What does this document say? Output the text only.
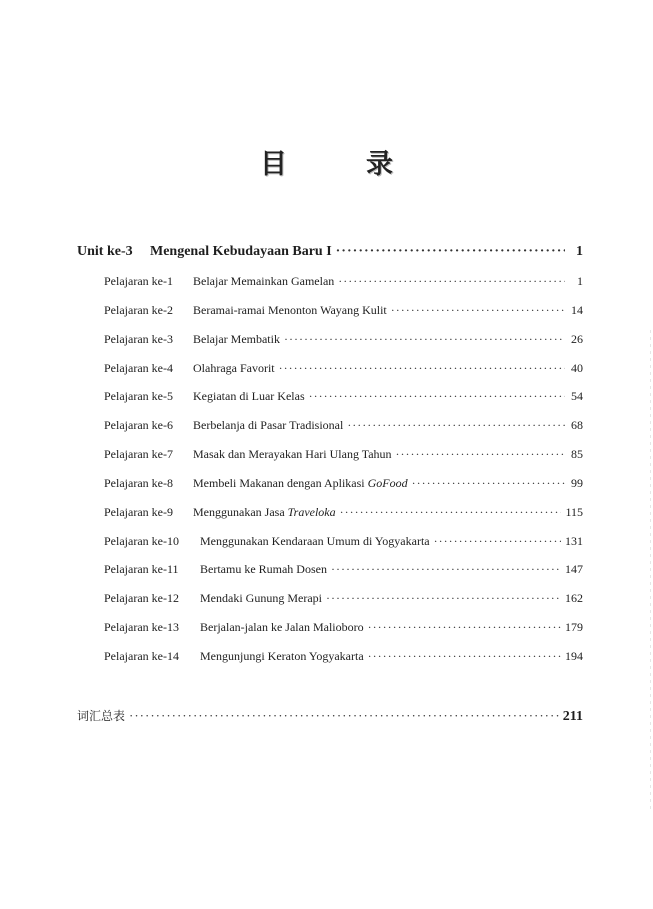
目　录
Unit ke-3	Mengenal Kebudayaan Baru I ·····	1
Pelajaran ke-1	Belajar Memainkan Gamelan ·····	1
Pelajaran ke-2	Beramai-ramai Menonton Wayang Kulit ·····	14
Pelajaran ke-3	Belajar Membatik ·····	26
Pelajaran ke-4	Olahraga Favorit ·····	40
Pelajaran ke-5	Kegiatan di Luar Kelas ·····	54
Pelajaran ke-6	Berbelanja di Pasar Tradisional ·····	68
Pelajaran ke-7	Masak dan Merayakan Hari Ulang Tahun ·····	85
Pelajaran ke-8	Membeli Makanan dengan Aplikasi GoFood ·····	99
Pelajaran ke-9	Menggunakan Jasa Traveloka ·····	115
Pelajaran ke-10	Menggunakan Kendaraan Umum di Yogyakarta ·····	131
Pelajaran ke-11	Bertamu ke Rumah Dosen ·····	147
Pelajaran ke-12	Mendaki Gunung Merapi ·····	162
Pelajaran ke-13	Berjalan-jalan ke Jalan Malioboro ·····	179
Pelajaran ke-14	Mengunjungi Keraton Yogyakarta ·····	194
词汇总表 ·····	211
